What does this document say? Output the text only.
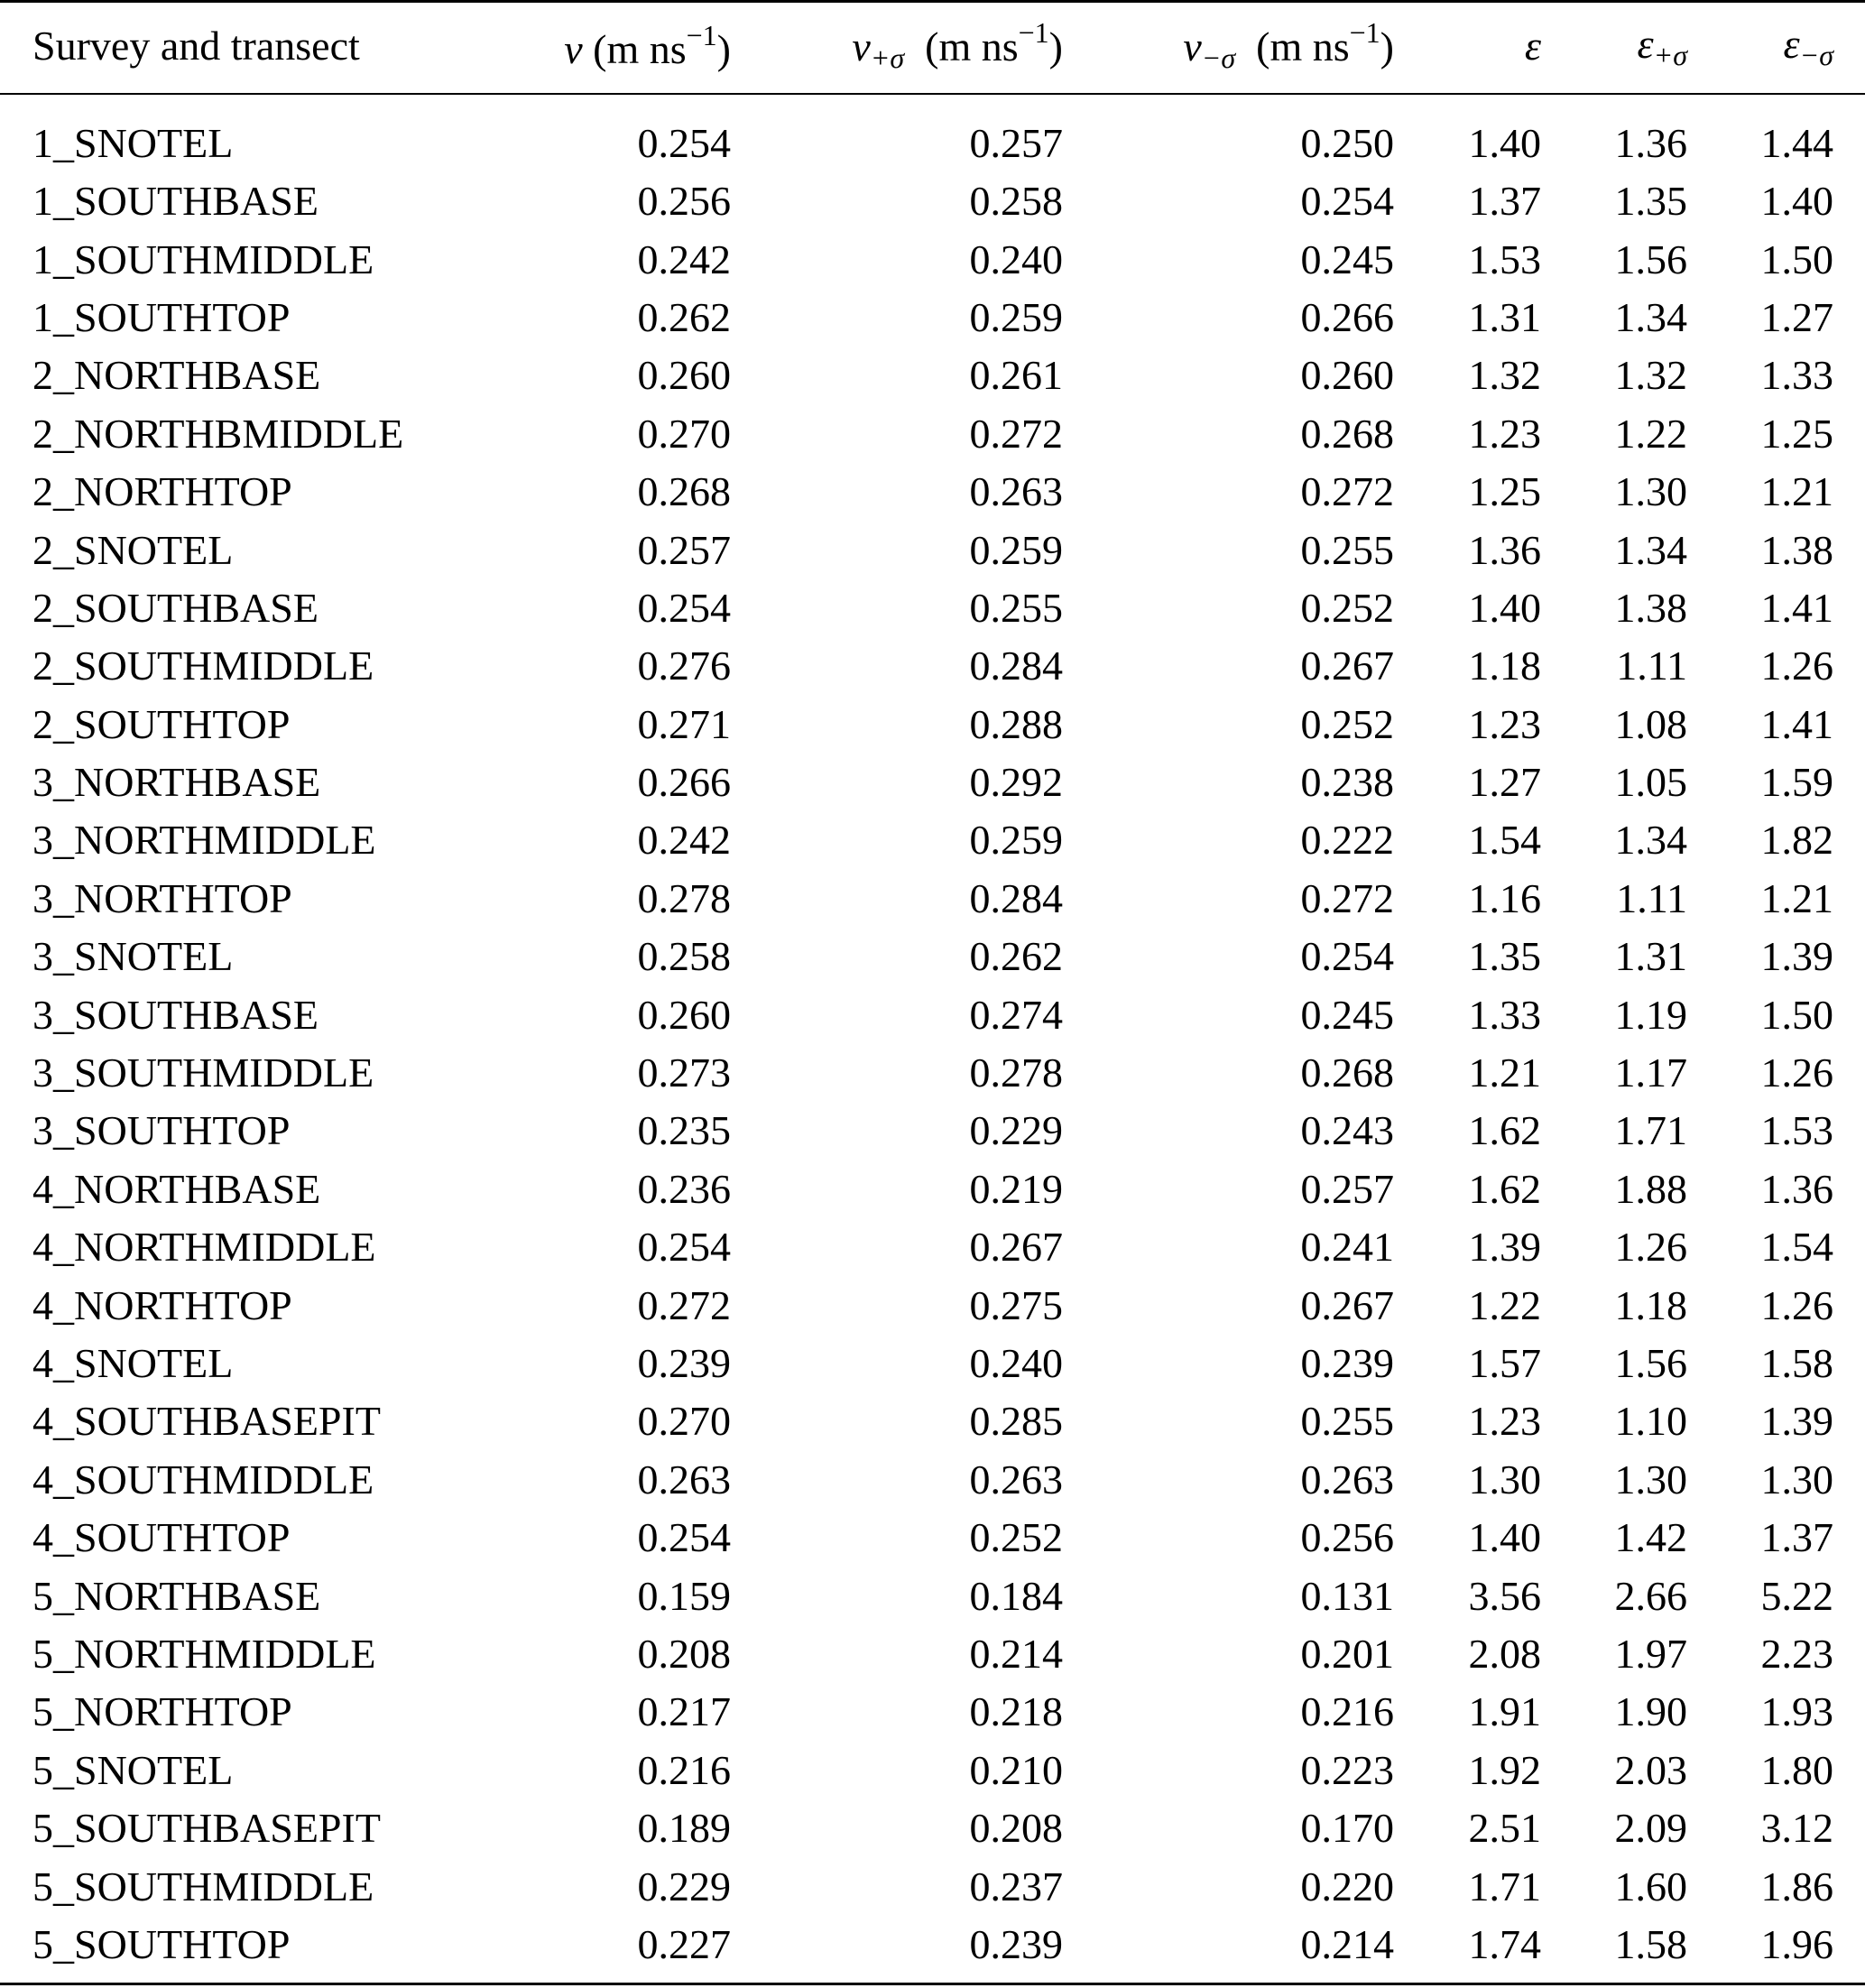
Survey and transect	v (m $ns^{-1}$)	$v_{+\sigma}$ (m $ns^{-1}$)	$v_{-\sigma}$ (m $ns^{-1}$)	ε	$\varepsilon_{+\sigma}$	$\varepsilon_{-\sigma}$
1_SNOTEL	0.254	0.257	0.250	1.40	1.36	1.44
1_SOUTHBASE	0.256	0.258	0.254	1.37	1.35	1.40
1_SOUTHMIDDLE	0.242	0.240	0.245	1.53	1.56	1.50
1_SOUTHTOP	0.262	0.259	0.266	1.31	1.34	1.27
2_NORTHBASE	0.260	0.261	0.260	1.32	1.32	1.33
2_NORTHBMIDDLE	0.270	0.272	0.268	1.23	1.22	1.25
2_NORTHTOP	0.268	0.263	0.272	1.25	1.30	1.21
2_SNOTEL	0.257	0.259	0.255	1.36	1.34	1.38
2_SOUTHBASE	0.254	0.255	0.252	1.40	1.38	1.41
2_SOUTHMIDDLE	0.276	0.284	0.267	1.18	1.11	1.26
2_SOUTHTOP	0.271	0.288	0.252	1.23	1.08	1.41
3_NORTHBASE	0.266	0.292	0.238	1.27	1.05	1.59
3_NORTHMIDDLE	0.242	0.259	0.222	1.54	1.34	1.82
3_NORTHTOP	0.278	0.284	0.272	1.16	1.11	1.21
3_SNOTEL	0.258	0.262	0.254	1.35	1.31	1.39
3_SOUTHBASE	0.260	0.274	0.245	1.33	1.19	1.50
3_SOUTHMIDDLE	0.273	0.278	0.268	1.21	1.17	1.26
3_SOUTHTOP	0.235	0.229	0.243	1.62	1.71	1.53
4_NORTHBASE	0.236	0.219	0.257	1.62	1.88	1.36
4_NORTHMIDDLE	0.254	0.267	0.241	1.39	1.26	1.54
4_NORTHTOP	0.272	0.275	0.267	1.22	1.18	1.26
4_SNOTEL	0.239	0.240	0.239	1.57	1.56	1.58
4_SOUTHBASEPIT	0.270	0.285	0.255	1.23	1.10	1.39
4_SOUTHMIDDLE	0.263	0.263	0.263	1.30	1.30	1.30
4_SOUTHTOP	0.254	0.252	0.256	1.40	1.42	1.37
5_NORTHBASE	0.159	0.184	0.131	3.56	2.66	5.22
5_NORTHMIDDLE	0.208	0.214	0.201	2.08	1.97	2.23
5_NORTHTOP	0.217	0.218	0.216	1.91	1.90	1.93
5_SNOTEL	0.216	0.210	0.223	1.92	2.03	1.80
5_SOUTHBASEPIT	0.189	0.208	0.170	2.51	2.09	3.12
5_SOUTHMIDDLE	0.229	0.237	0.220	1.71	1.60	1.86
5_SOUTHTOP	0.227	0.239	0.214	1.74	1.58	1.96
